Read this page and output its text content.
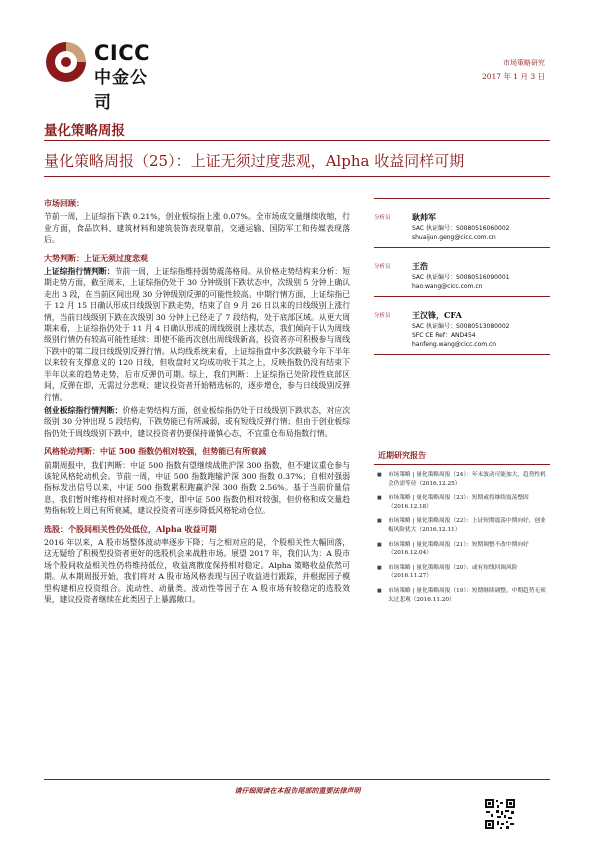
CICC
中金公司
市场策略研究
2017 年 1 月 3 日
量化策略周报
量化策略周报（25）：上证无须过度悲观，Alpha 收益同样可期
市场回顾：

节前一周，上证综指下跌 0.21%，创业板综指上涨 0.07%。全市场成交量继续收缩，行业方面，食品饮料、建筑材料和建筑装饰表现靠前，交通运输、国防军工和传媒表现落后。

大势判断：上证无须过度悲观

上证综指行情判断：节前一周，上证综指维持弱势震荡格局。从价格走势结构来分析：短期走势方面，截至周末，上证综指仍处于 30 分钟级别下跌状态中，次级别 5 分钟上确认走出 3 段，在当前区间出现 30 分钟级别反弹的可能性较高。中期行情方面，上证综指已于 12 月 15 日确认形成日线级别下跌走势，结束了自 9 月 26 日以来的日线级别上涨行情，当前日线级别下跌在次级别 30 分钟上已经走了 7 段结构，处于底部区域。从更大周期来看，上证综指仍处于 11 月 4 日确认形成的周线级别上涨状态，我们倾向于认为周线级别行情仍有较高可能性延续：即使不能再次创出周线级新高，投资者亦可积极参与周线下跌中的第二段日线级别反弹行情。从均线系统来看，上证综指盘中多次跌破今年下半年以来较有支撑意义的 120 日线，但收盘时又均成功收于其之上，反映指数仍没有结束下半年以来的趋势走势，后市反弹仍可期。综上，我们判断：上证综指已处阶段性底部区间，反弹在即，无需过分悲观；建议投资者开始精选标的，逐步增仓，参与日线级别反弹行情。

创业板综指行情判断：价格走势结构方面，创业板综指仍处于日线级别下跌状态，对应次级别 30 分钟出现 5 段结构，下跌势能已有所减弱，或有短线反弹行情；但由于创业板综指仍处于周线级别下跌中，建议投资者仍要保持谨慎心态，不宜重仓布局指数行情。

风格轮动判断：中证 500 指数仍相对较强，但势能已有所衰减

前期周报中，我们判断：中证 500 指数有望继续战胜沪深 300 指数，但不建议重仓参与该轮风格轮动机会。节前一周，中证 500 指数跑输沪深 300 指数 0.37%；自相对强弱指标发出信号以来，中证 500 指数累积跑赢沪深 300 指数 2.56%。基于当前价量信息，我们暂时维持相对择时观点不变，即中证 500 指数仍相对较强，但价格和成交量趋势指标较上周已有所衰减，建议投资者可逐步降低风格轮动仓位。

选股：个股间相关性仍处低位，Alpha 收益可期

2016 年以来，A 股市场整体波动率逐步下降；与之相对应的是，个股相关性大幅回落，这无疑给了积极型投资者更好的选股机会来战胜市场。展望 2017 年，我们认为：A 股市场个股间收益相关性仍将维持低位，收益离散度保持相对稳定。Alpha 策略收益依然可期。从本期周报开始，我们将对 A 股市场风格表现与因子收益进行跟踪，并根据因子模型构建相应投资组合。流动性、动量类、波动性等因子在 A 股市场有较稳定的选股效果，建议投资者继续在此类因子上暴露敞口。

分析员	耿帅军
SAC 执证编号：S0080516060002
shuaijun.geng@cicc.com.cn
分析员	王浩
SAC 执证编号：S0080516090001
hao.wang@cicc.com.cn
分析员	王汉锋，CFA
SAC 执证编号：S0080513080002
SFC CE Ref：AND454
hanfeng.wang@cicc.com.cn
近期研究报告
■ 市场策略 | 量化策略周报（24）：年末波动可能加大，趋势性机会仍需等待（2016.12.25）
■ 市场策略 | 量化策略周报（23）：短期或将继续震荡整固（2016.12.18）
■ 市场策略 | 量化策略周报（22）：上证短期震荡中期向好，创业板风险犹大（2016.12.11）
■ 市场策略 | 量化策略周报（21）：短期调整不改中期向好（2016.12.04）
■ 市场策略 | 量化策略周报（20）：或有短线回调风险（2016.11.27）
■ 市场策略 | 量化策略周报（19）：短期继续调整，中期趋势无须太过悲观（2016.11.20）
请仔细阅读在本报告尾部的重要法律声明
